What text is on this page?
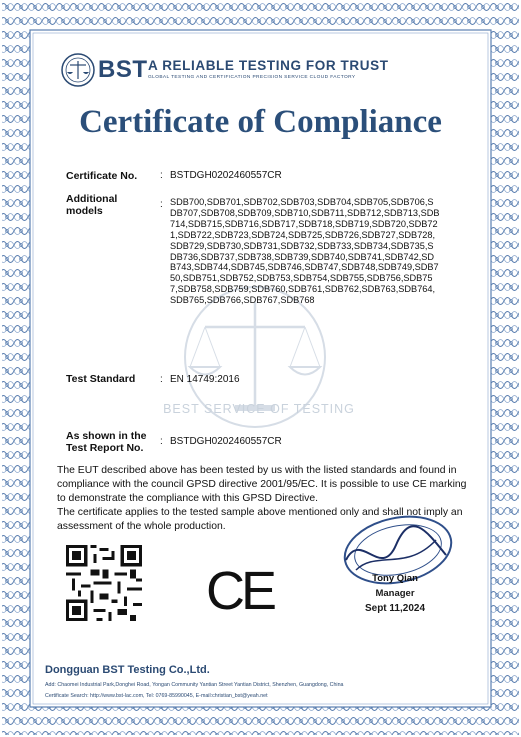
BEST SERVICE OF TESTING
BST A RELIABLE TESTING FOR TRUST
GLOBAL TESTING AND CERTIFICATION PRECISION SERVICE CLOUD FACTORY
Certificate of Compliance
Certificate No. : BSTDGH0202460557CR
Additional
models
: SDB700,SDB701,SDB702,SDB703,SDB704,SDB705,SDB706,SDB707,SDB708,SDB709,SDB710,SDB711,SDB712,SDB713,SDB714,SDB715,SDB716,SDB717,SDB718,SDB719,SDB720,SDB721,SDB722,SDB723,SDB724,SDB725,SDB726,SDB727,SDB728,SDB729,SDB730,SDB731,SDB732,SDB733,SDB734,SDB735,SDB736,SDB737,SDB738,SDB739,SDB740,SDB741,SDB742,SDB743,SDB744,SDB745,SDB746,SDB747,SDB748,SDB749,SDB750,SDB751,SDB752,SDB753,SDB754,SDB755,SDB756,SDB757,SDB758,SDB759,SDB760,SDB761,SDB762,SDB763,SDB764,SDB765,SDB766,SDB767,SDB768
Test Standard : EN 14749:2016
As shown in the
Test Report No.
: BSTDGH0202460557CR
The EUT described above has been tested by us with the listed standards and found in compliance with the council GPSD directive 2001/95/EC. It is possible to use CE marking to demonstrate the compliance with this GPSD Directive.
The certificate applies to the tested sample above mentioned only and shall not imply an assessment of the whole production.
CE	Tony Qian
Manager
Sept 11,2024
Dongguan BST Testing Co.,Ltd.
Add: Chaomei Industrial Park,Donghei Road, Yongan Community Yantian Street Yantian District, Shenzhen, Guangdong, China
Certificate Search: http://www.bst-lac.com, Tel: 0769-85990045, E-mail:christian_bst@yeah.net
